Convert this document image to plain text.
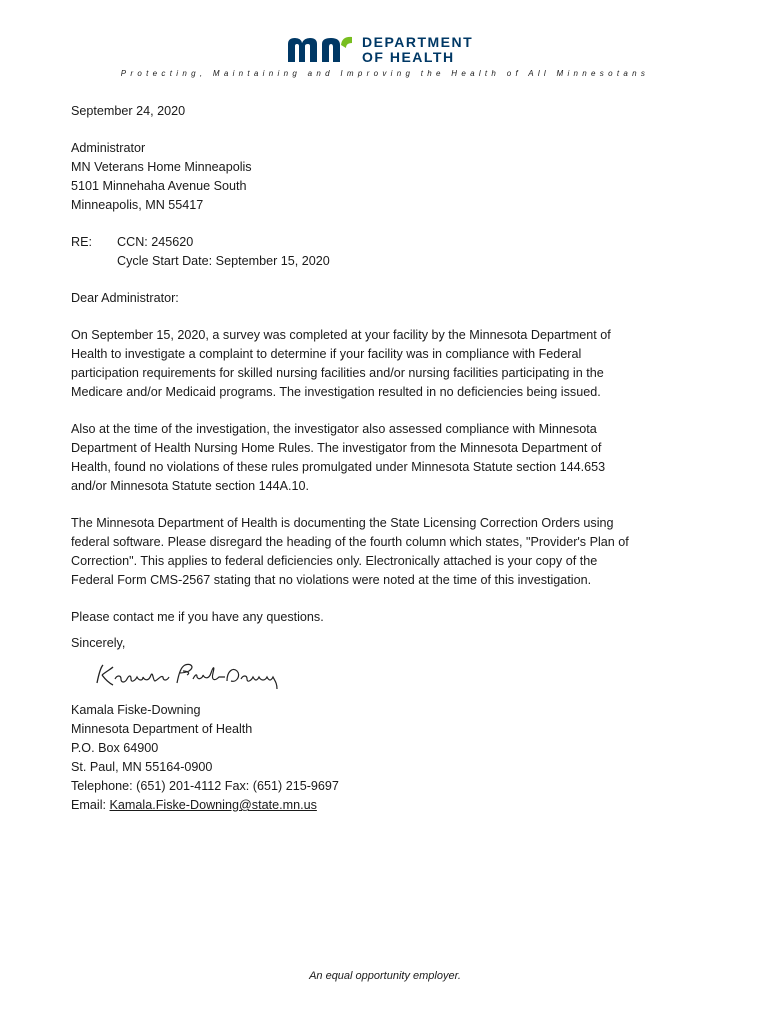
DEPARTMENT
OF HEALTH
Protecting, Maintaining and Improving the Health of All Minnesotans
September 24, 2020
Administrator
MN Veterans Home Minneapolis
5101 Minnehaha Avenue South
Minneapolis, MN 55417
RE:	CCN: 245620
Cycle Start Date: September 15, 2020
Dear Administrator:
On September 15, 2020, a survey was completed at your facility by the Minnesota Department of
Health to investigate a complaint to determine if your facility was in compliance with Federal
participation requirements for skilled nursing facilities and/or nursing facilities participating in the
Medicare and/or Medicaid programs. The investigation resulted in no deficiencies being issued.
Also at the time of the investigation, the investigator also assessed compliance with Minnesota
Department of Health Nursing Home Rules. The investigator from the Minnesota Department of
Health, found no violations of these rules promulgated under Minnesota Statute section 144.653
and/or Minnesota Statute section 144A.10.
The Minnesota Department of Health is documenting the State Licensing Correction Orders using
federal software. Please disregard the heading of the fourth column which states, "Provider's Plan of
Correction". This applies to federal deficiencies only. Electronically attached is your copy of the
Federal Form CMS-2567 stating that no violations were noted at the time of this investigation.
Please contact me if you have any questions.
Sincerely,
Kamala Fiske-Downing
Minnesota Department of Health
P.O. Box 64900
St. Paul, MN 55164-0900
Telephone: (651) 201-4112 Fax: (651) 215-9697
Email: Kamala.Fiske-Downing@state.mn.us
An equal opportunity employer.
